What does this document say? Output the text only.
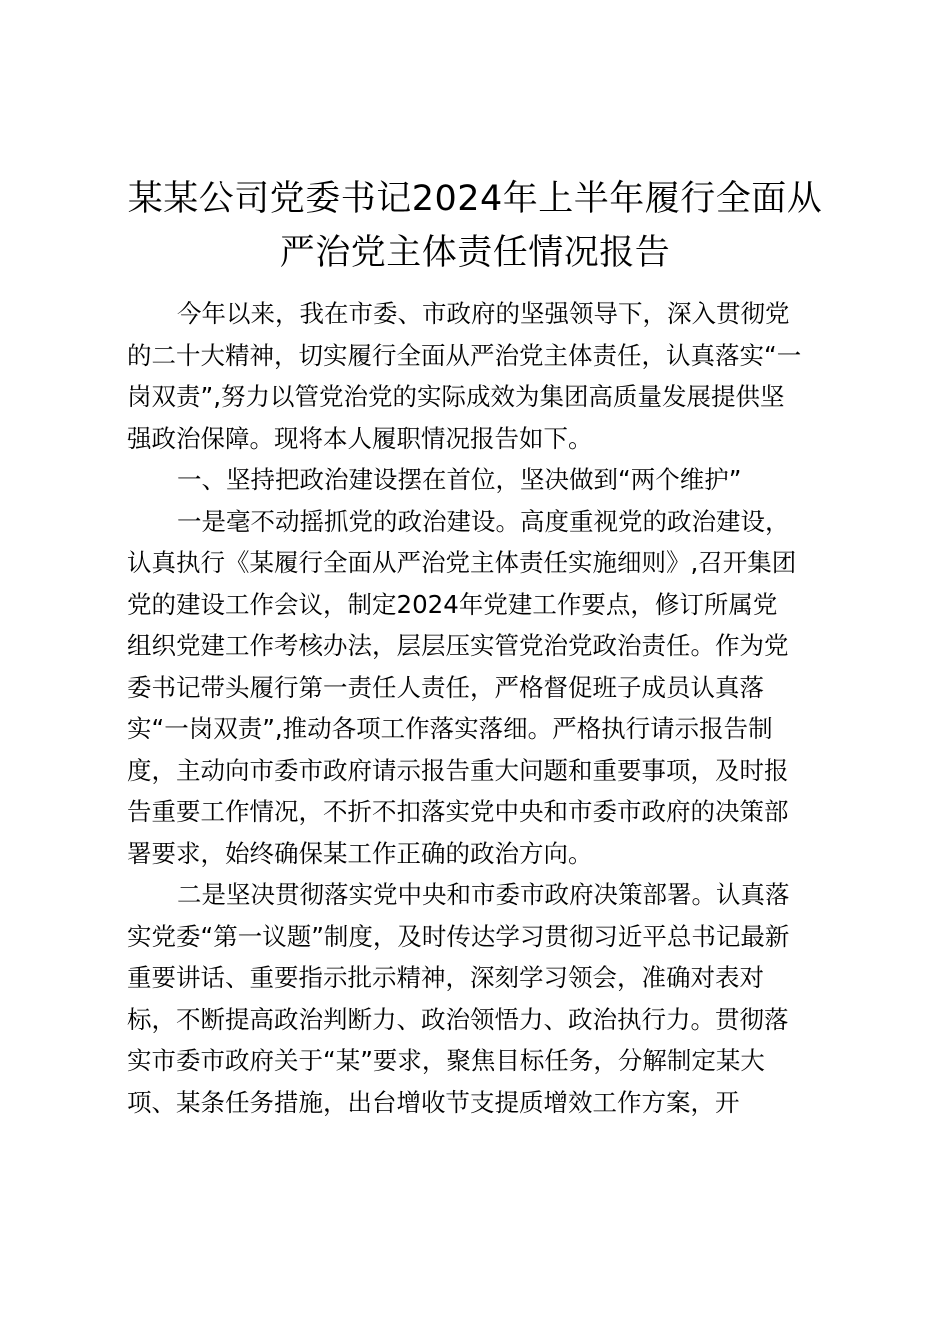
某某公司党委书记2024年上半年履行全面从
严治党主体责任情况报告
今年以来，我在市委、市政府的坚强领导下，深入贯彻党
的二十大精神，切实履行全面从严治党主体责任，认真落实“一
岗双责”,努力以管党治党的实际成效为集团高质量发展提供坚
强政治保障。现将本人履职情况报告如下。
一、坚持把政治建设摆在首位，坚决做到“两个维护”
一是毫不动摇抓党的政治建设。高度重视党的政治建设，
认真执行《某履行全面从严治党主体责任实施细则》,召开集团
党的建设工作会议，制定2024年党建工作要点，修订所属党
组织党建工作考核办法，层层压实管党治党政治责任。作为党
委书记带头履行第一责任人责任，严格督促班子成员认真落
实“一岗双责”,推动各项工作落实落细。严格执行请示报告制
度，主动向市委市政府请示报告重大问题和重要事项，及时报
告重要工作情况，不折不扣落实党中央和市委市政府的决策部
署要求，始终确保某工作正确的政治方向。
二是坚决贯彻落实党中央和市委市政府决策部署。认真落
实党委“第一议题”制度，及时传达学习贯彻习近平总书记最新
重要讲话、重要指示批示精神，深刻学习领会，准确对表对
标，不断提高政治判断力、政治领悟力、政治执行力。贯彻落
实市委市政府关于“某”要求，聚焦目标任务，分解制定某大
项、某条任务措施，出台增收节支提质增效工作方案，开
